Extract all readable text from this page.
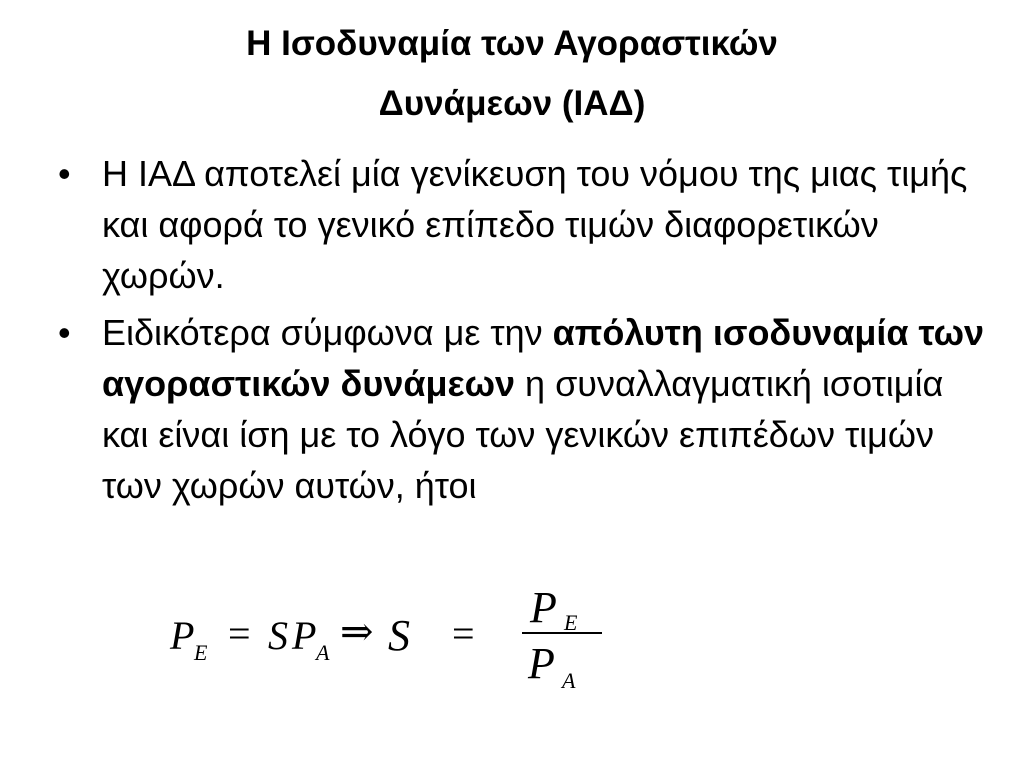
Η Ισοδυναμία των Αγοραστικών
Δυνάμεων (ΙΑΔ)
• Η ΙΑΔ αποτελεί μία γενίκευση του νόμου της μιας τιμής και αφορά το γενικό επίπεδο τιμών διαφορετικών χωρών.
• Ειδικότερα σύμφωνα με την απόλυτη ισοδυναμία των αγοραστικών δυνάμεων η συναλλαγματική ισοτιμία και είναι ίση με το λόγο των γενικών επιπέδων τιμών των χωρών αυτών, ήτοι
P E = S P A ⇒ S =
P E
P A
